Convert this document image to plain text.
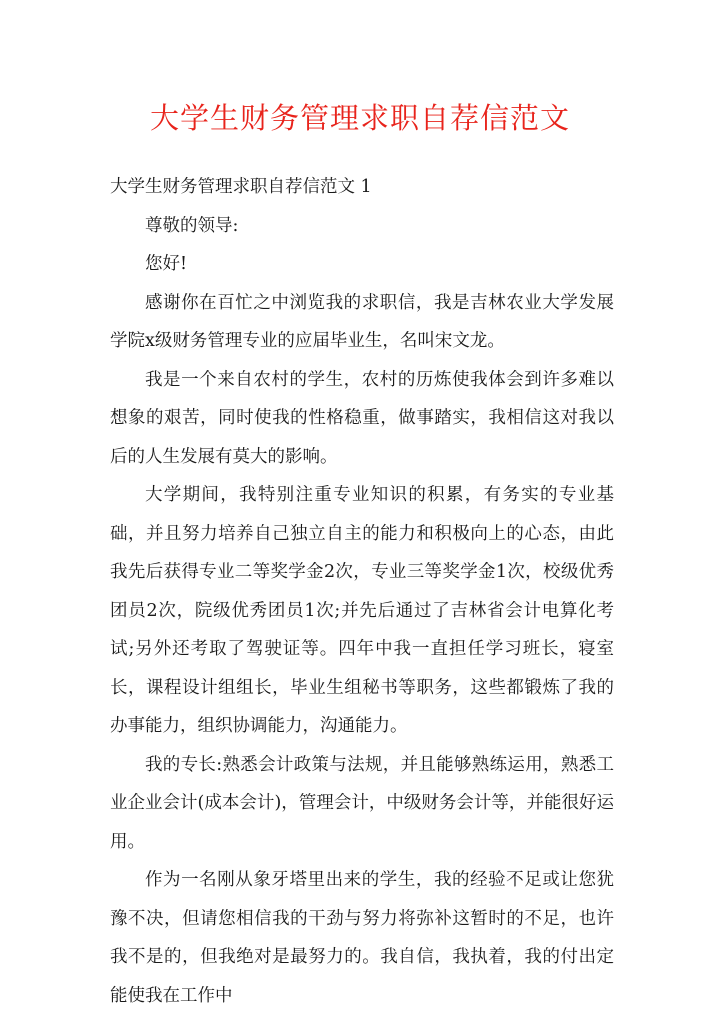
大学生财务管理求职自荐信范文

大学生财务管理求职自荐信范文 1

尊敬的领导:

您好!

感谢你在百忙之中浏览我的求职信，我是吉林农业大学发展学院x级财务管理专业的应届毕业生，名叫宋文龙。

我是一个来自农村的学生，农村的历炼使我体会到许多难以想象的艰苦，同时使我的性格稳重，做事踏实，我相信这对我以后的人生发展有莫大的影响。

大学期间，我特别注重专业知识的积累，有务实的专业基础，并且努力培养自己独立自主的能力和积极向上的心态，由此我先后获得专业二等奖学金2次，专业三等奖学金1次，校级优秀团员2次，院级优秀团员1次;并先后通过了吉林省会计电算化考试;另外还考取了驾驶证等。四年中我一直担任学习班长，寝室长，课程设计组组长，毕业生组秘书等职务，这些都锻炼了我的办事能力，组织协调能力，沟通能力。

我的专长:熟悉会计政策与法规，并且能够熟练运用，熟悉工业企业会计(成本会计)，管理会计，中级财务会计等，并能很好运用。

作为一名刚从象牙塔里出来的学生，我的经验不足或让您犹豫不决，但请您相信我的干劲与努力将弥补这暂时的不足，也许我不是的，但我绝对是最努力的。我自信，我执着，我的付出定能使我在工作中
